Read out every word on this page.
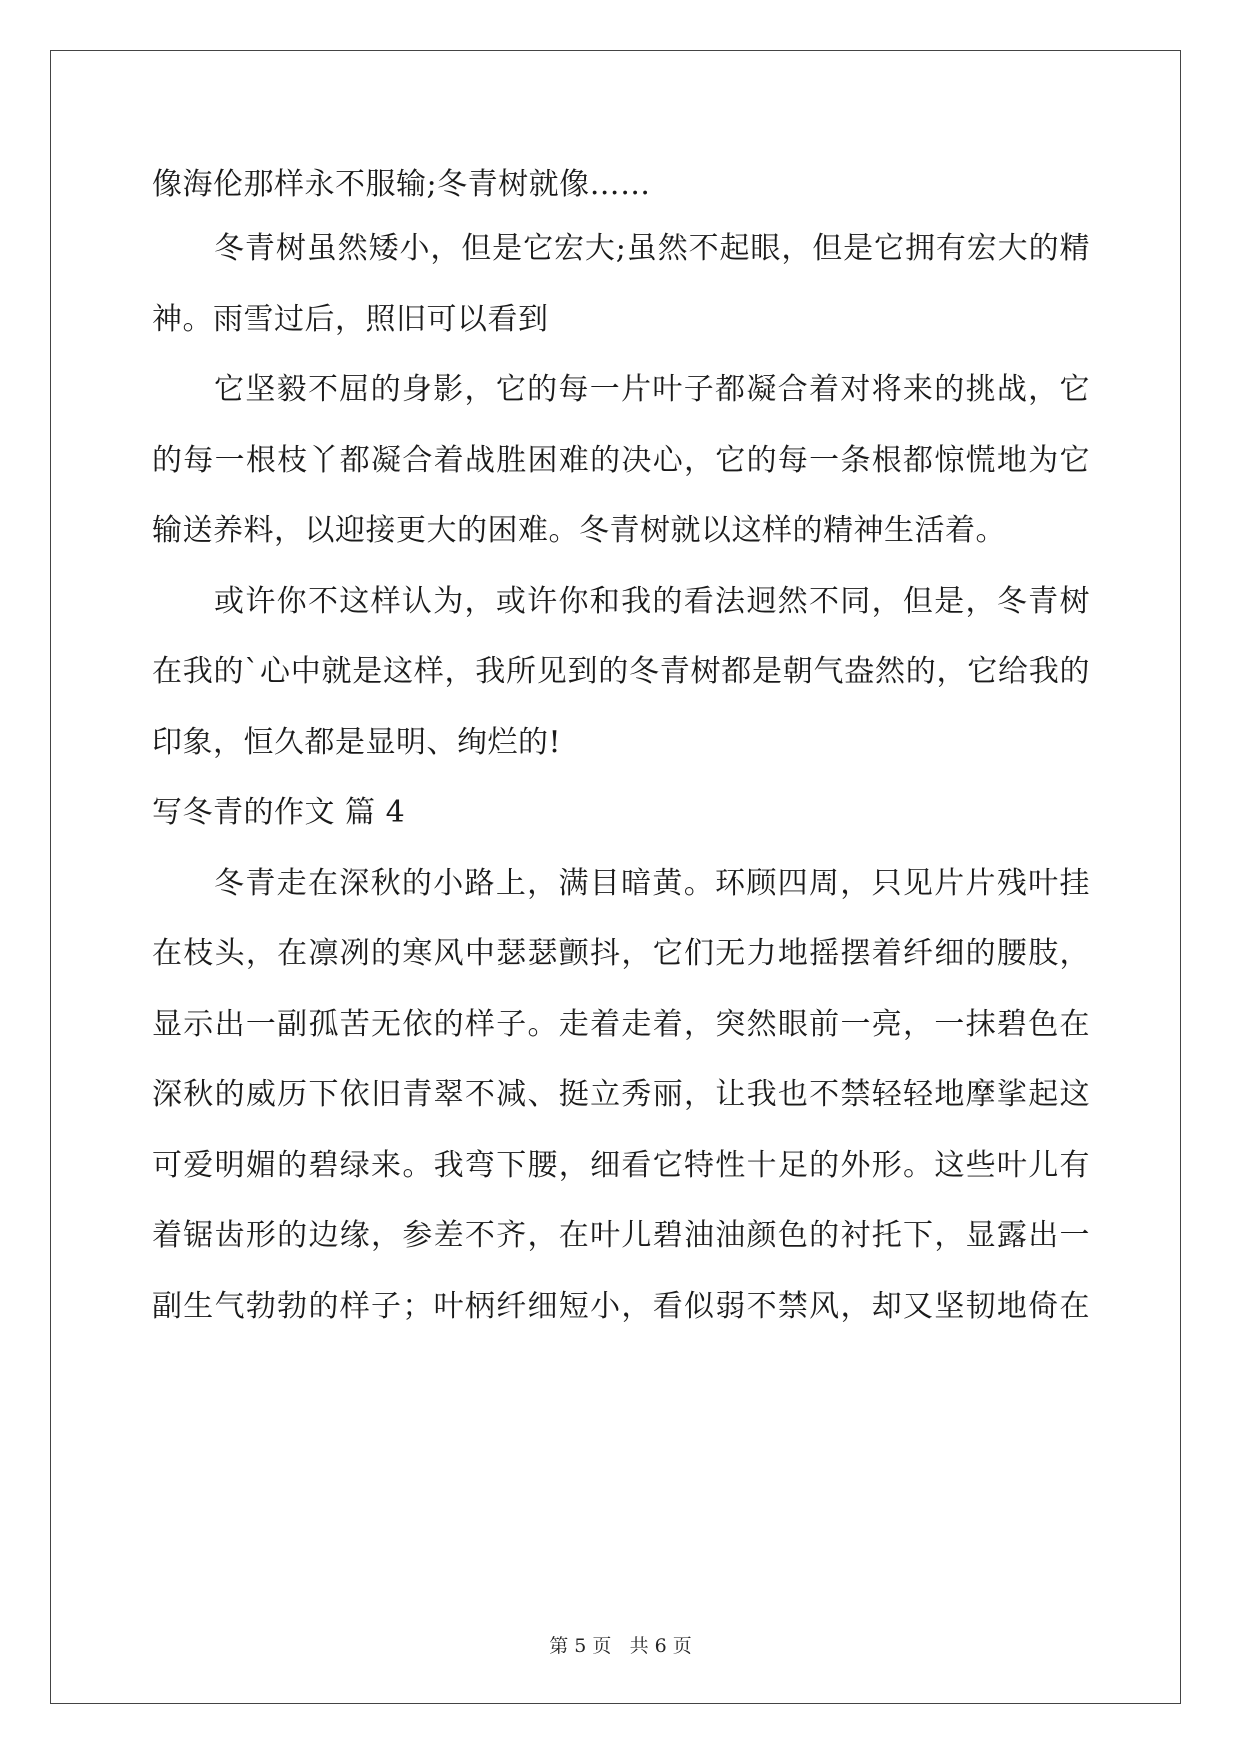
像海伦那样永不服输;冬青树就像……
冬青树虽然矮小，但是它宏大;虽然不起眼，但是它拥有宏大的精
神。雨雪过后，照旧可以看到
它坚毅不屈的身影，它的每一片叶子都凝合着对将来的挑战，它
的每一根枝丫都凝合着战胜困难的决心，它的每一条根都惊慌地为它
输送养料，以迎接更大的困难。冬青树就以这样的精神生活着。
或许你不这样认为，或许你和我的看法迥然不同，但是，冬青树
在我的`心中就是这样，我所见到的冬青树都是朝气盎然的，它给我的
印象，恒久都是显明、绚烂的!
写冬青的作文 篇 4
冬青走在深秋的小路上，满目暗黄。环顾四周，只见片片残叶挂
在枝头，在凛冽的寒风中瑟瑟颤抖，它们无力地摇摆着纤细的腰肢，
显示出一副孤苦无依的样子。走着走着，突然眼前一亮，一抹碧色在
深秋的威历下依旧青翠不减、挺立秀丽，让我也不禁轻轻地摩挲起这
可爱明媚的碧绿来。我弯下腰，细看它特性十足的外形。这些叶儿有
着锯齿形的边缘，参差不齐，在叶儿碧油油颜色的衬托下，显露出一
副生气勃勃的样子；叶柄纤细短小，看似弱不禁风，却又坚韧地倚在
第 5 页 共 6 页
